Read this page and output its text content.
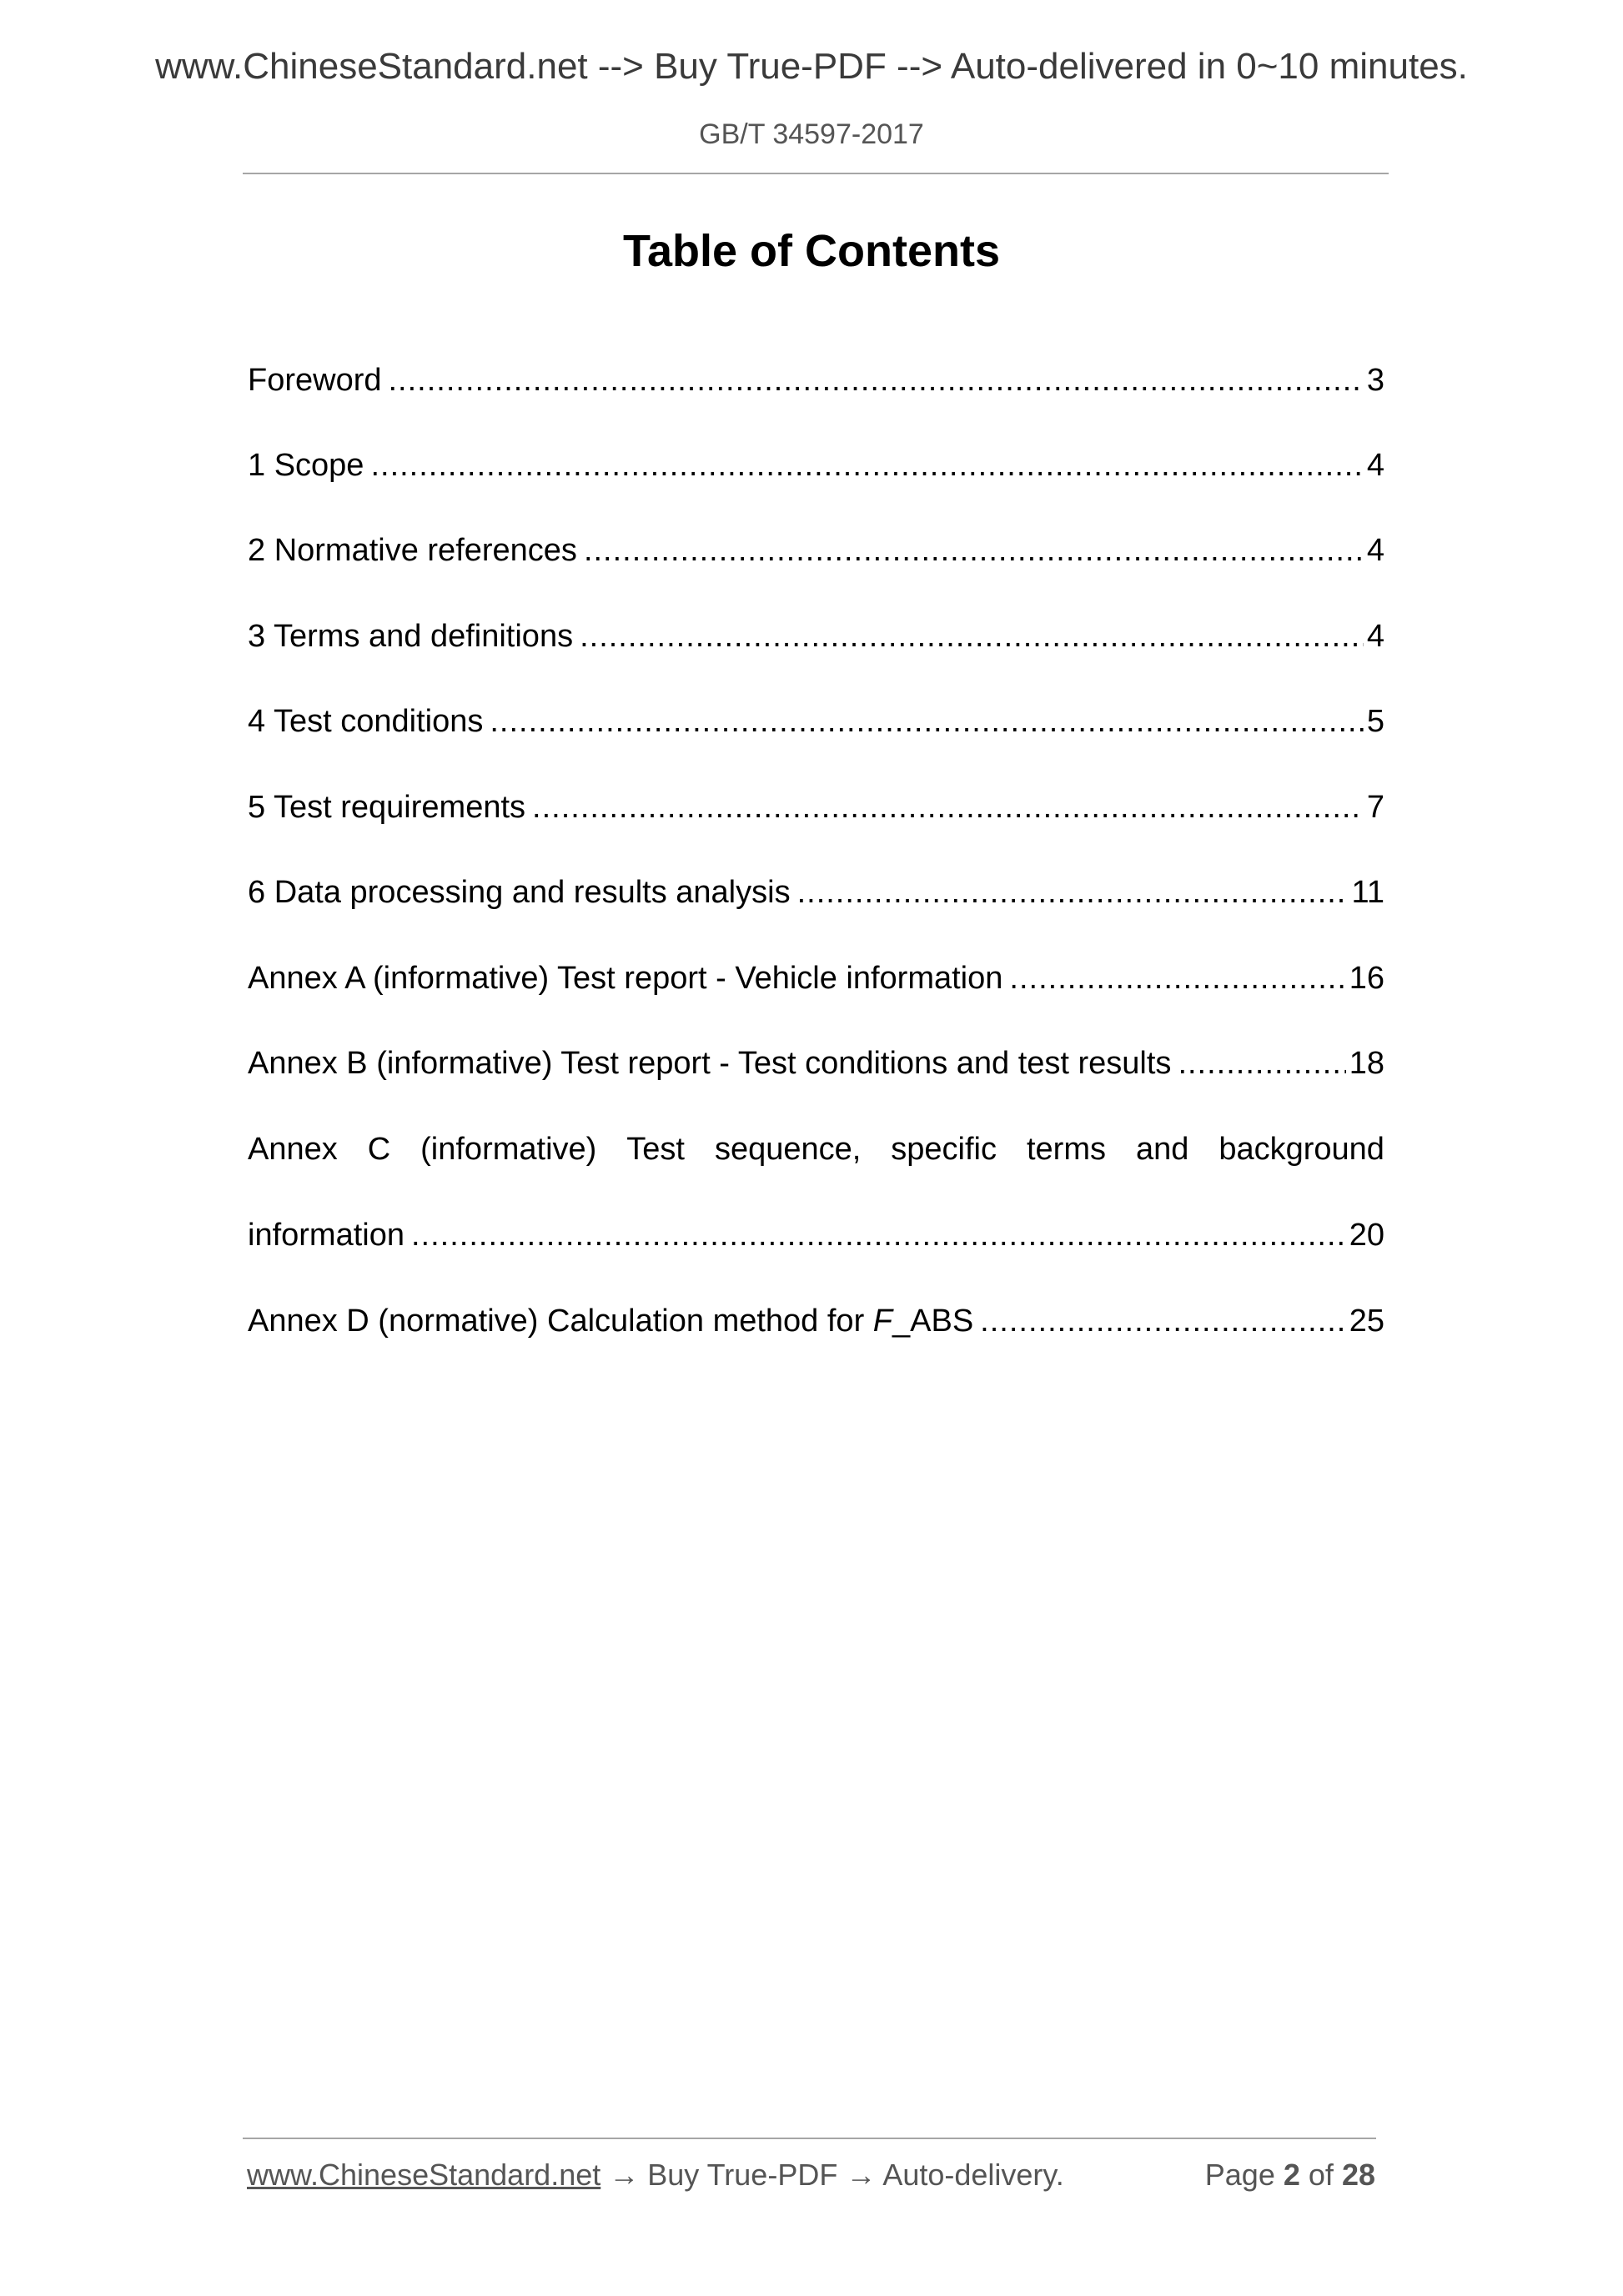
www.ChineseStandard.net --> Buy True-PDF --> Auto-delivered in 0~10 minutes.
GB/T 34597-2017
Table of Contents
Foreword .....	3
1 Scope .....	4
2 Normative references .....	4
3 Terms and definitions .....	4
4 Test conditions .....	5
5 Test requirements .....	7
6 Data processing and results analysis .....	11
Annex A (informative) Test report - Vehicle information .....	16
Annex B (informative) Test report - Test conditions and test results .....	18
Annex C (informative) Test sequence, specific terms and background
information .....	20
Annex D (normative) Calculation method for F_ABS .....	25
www.ChineseStandard.net → Buy True-PDF → Auto-delivery.	Page 2 of 28
